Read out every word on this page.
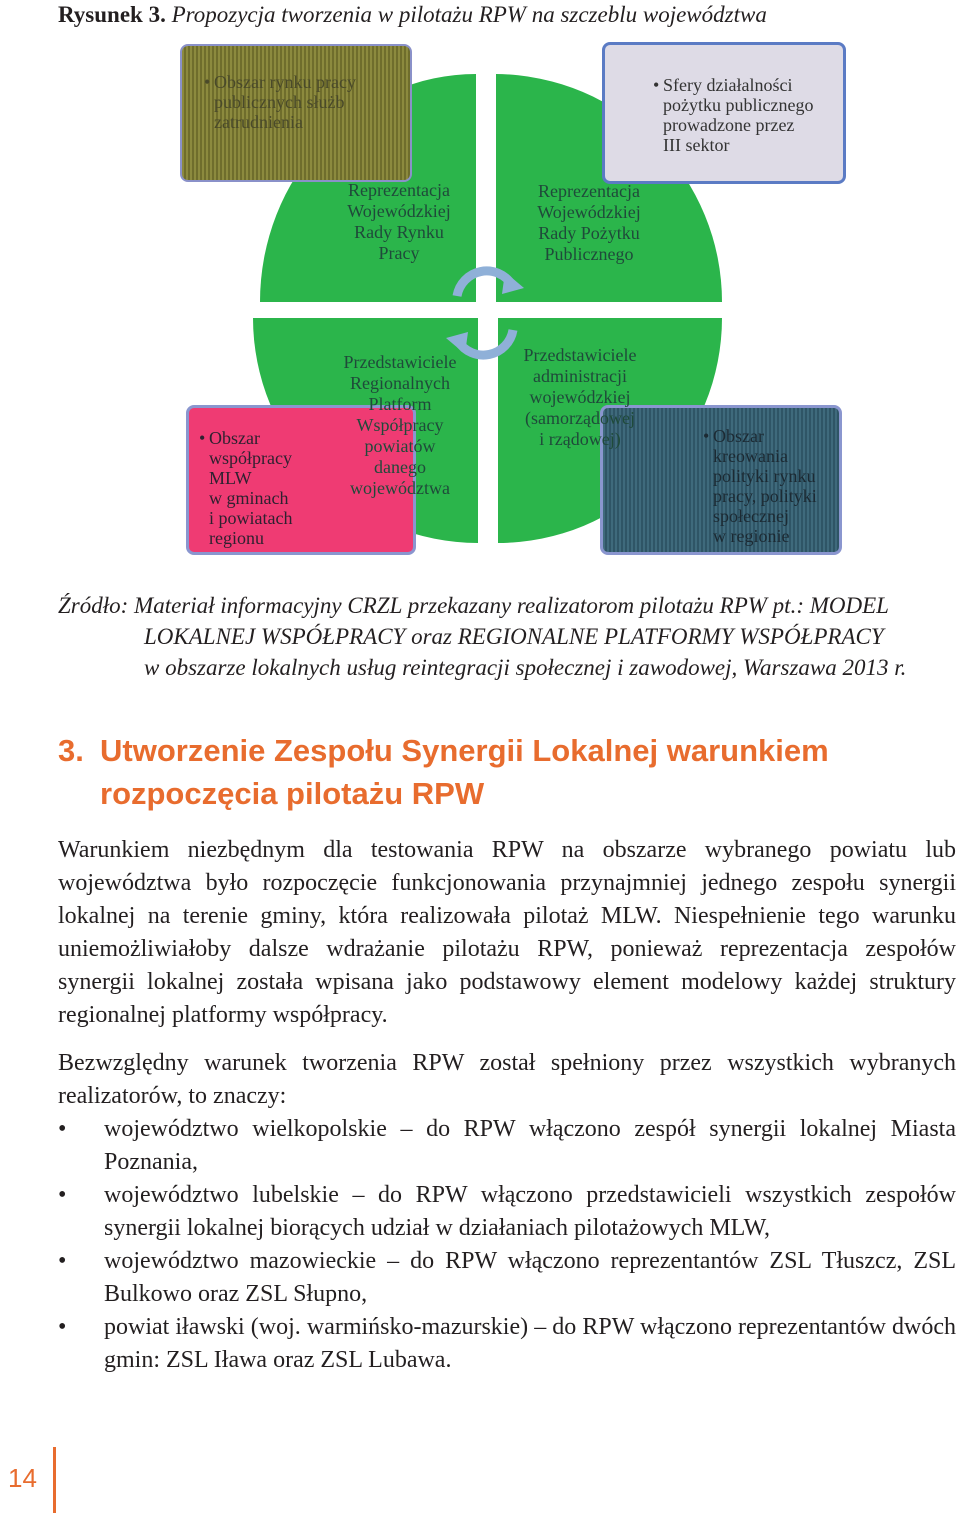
Rysunek 3. Propozycja tworzenia w pilotażu RPW na szczeblu województwa
• Obszar rynku pracy
publicznych służb
zatrudnienia
• Sfery działalności
pożytku publicznego
prowadzone przez
III sektor
• Obszar
współpracy
MLW
w gminach
i powiatach
regionu
• Obszar
kreowania
polityki rynku
pracy, polityki
społecznej
w regionie
Reprezentacja
Wojewódzkiej
Rady Rynku
Pracy
Reprezentacja
Wojewódzkiej
Rady Pożytku
Publicznego
Przedstawiciele
Regionalnych
Platform
Współpracy
powiatów
danego
województwa
Przedstawiciele
administracji
wojewódzkiej
(samorządowej
i rządowej)
Źródło: Materiał informacyjny CRZL przekazany realizatorom pilotażu RPW pt.: MODEL
LOKALNEJ WSPÓŁPRACY oraz REGIONALNE PLATFORMY WSPÓŁPRACY
w obszarze lokalnych usług reintegracji społecznej i zawodowej, Warszawa 2013 r.
3. Utworzenie Zespołu Synergii Lokalnej warunkiem
rozpoczęcia pilotażu RPW

Warunkiem niezbędnym dla testowania RPW na obszarze wybranego powiatu lub województwa było rozpoczęcie funkcjonowania przynajmniej jednego zespołu synergii lokalnej na terenie gminy, która realizowała pilotaż MLW. Niespełnienie tego warunku uniemożliwiałoby dalsze wdrażanie pilotażu RPW, ponieważ reprezentacja zespołów synergii lokalnej została wpisana jako podstawowy element modelowy każdej struktury regionalnej platformy współpracy.

Bezwzględny warunek tworzenia RPW został spełniony przez wszystkich wybranych realizatorów, to znaczy:

• województwo wielkopolskie – do RPW włączono zespół synergii lokalnej Miasta Poznania,
• województwo lubelskie – do RPW włączono przedstawicieli wszystkich zespołów synergii lokalnej biorących udział w działaniach pilotażowych MLW,
• województwo mazowieckie – do RPW włączono reprezentantów ZSL Tłuszcz, ZSL Bulkowo oraz ZSL Słupno,
• powiat iławski (woj. warmińsko-mazurskie) – do RPW włączono reprezentantów dwóch gmin: ZSL Iława oraz ZSL Lubawa.
14
